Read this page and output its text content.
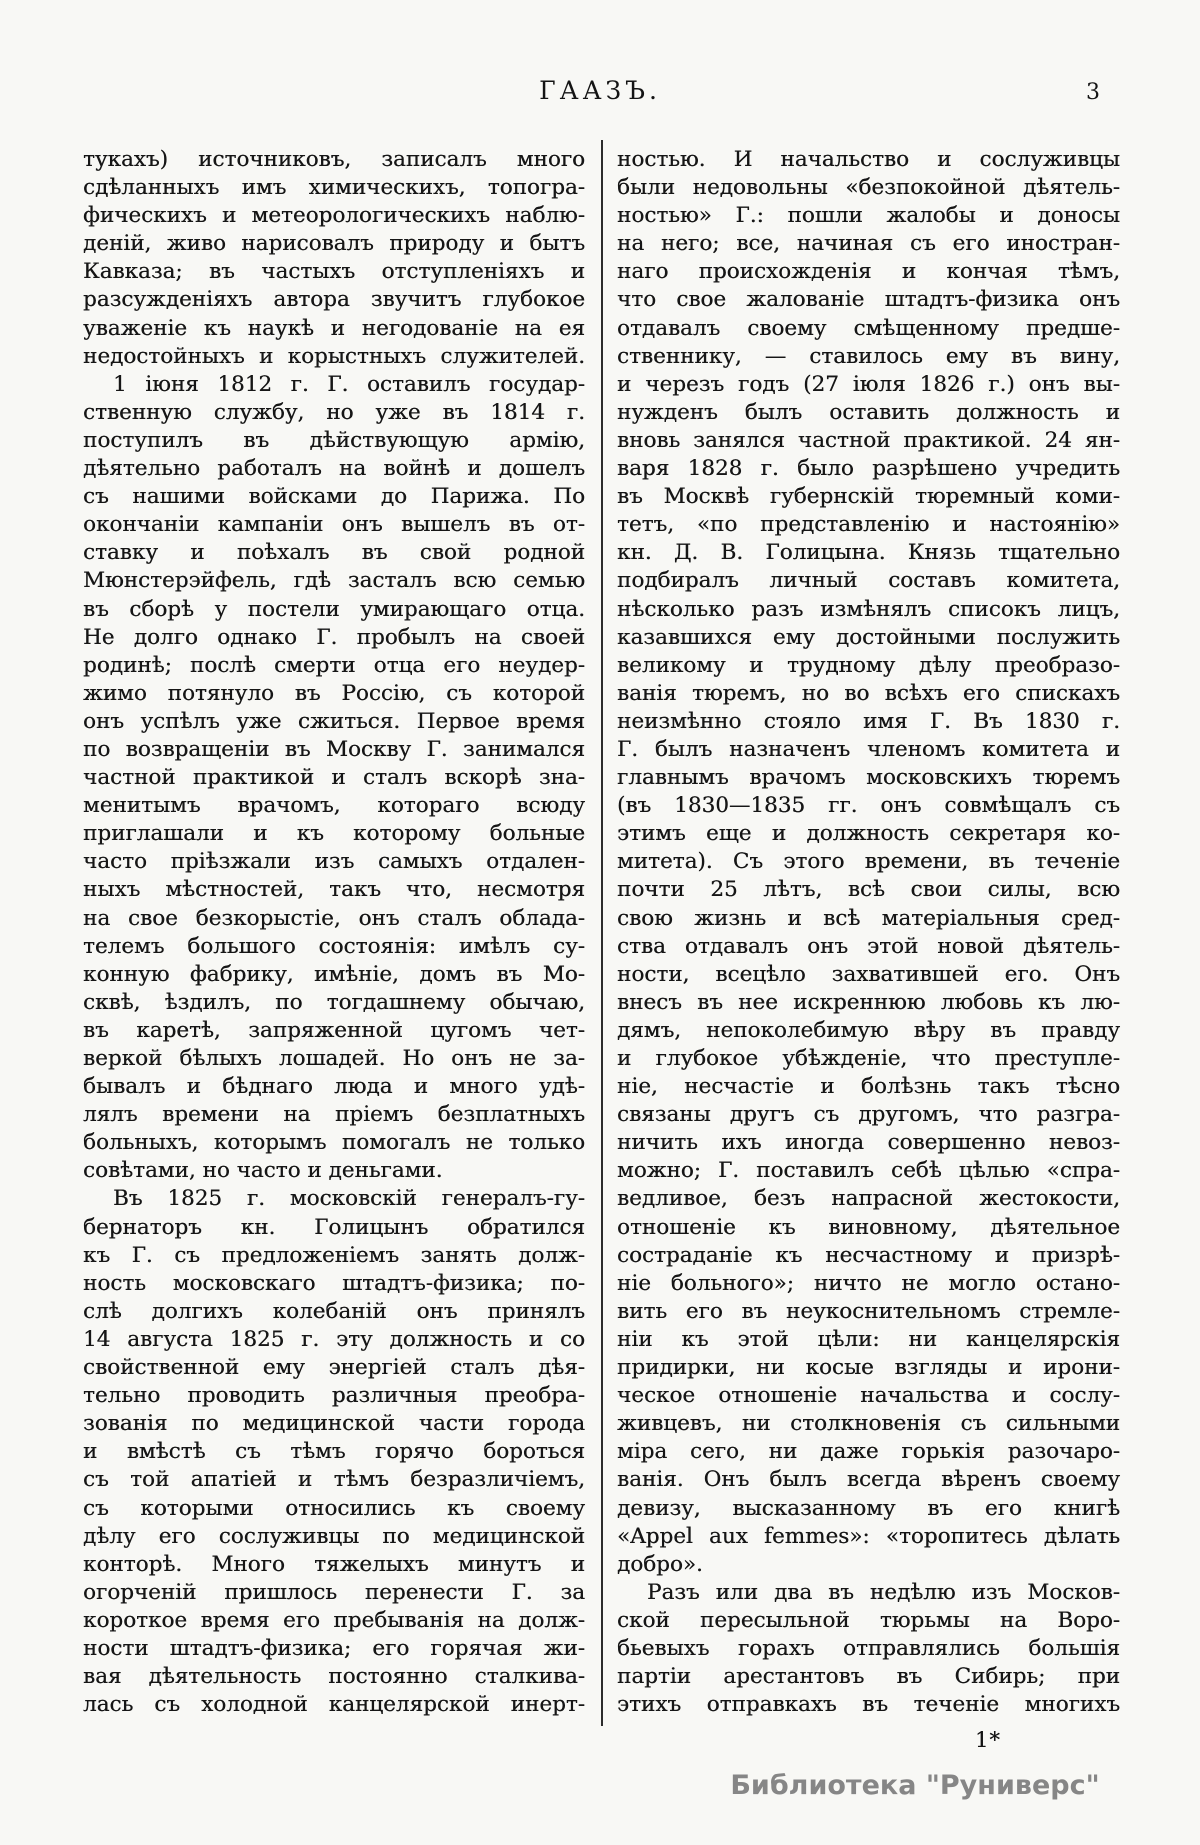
ГААЗЪ.	3
тукахъ) источниковъ, записалъ много
сдѣланныхъ имъ химическихъ, топогра-
фическихъ и метеорологическихъ наблю-
деній, живо нарисовалъ природу и бытъ
Кавказа; въ частыхъ отступленіяхъ и
разсужденіяхъ автора звучитъ глубокое
уваженіе къ наукѣ и негодованіе на ея
недостойныхъ и корыстныхъ служителей.
1 іюня 1812 г. Г. оставилъ государ-
ственную службу, но уже въ 1814 г.
поступилъ въ дѣйствующую армію,
дѣятельно работалъ на войнѣ и дошелъ
съ нашими войсками до Парижа. По
окончаніи кампаніи онъ вышелъ въ от-
ставку и поѣхалъ въ свой родной
Мюнстерэйфель, гдѣ засталъ всю семью
въ сборѣ у постели умирающаго отца.
Не долго однако Г. пробылъ на своей
родинѣ; послѣ смерти отца его неудер-
жимо потянуло въ Россію, съ которой
онъ успѣлъ уже сжиться. Первое время
по возвращеніи въ Москву Г. занимался
частной практикой и сталъ вскорѣ зна-
менитымъ врачомъ, котораго всюду
приглашали и къ которому больные
часто пріѣзжали изъ самыхъ отдален-
ныхъ мѣстностей, такъ что, несмотря
на свое безкорыстіе, онъ сталъ облада-
телемъ большого состоянія: имѣлъ су-
конную фабрику, имѣніе, домъ въ Мо-
сквѣ, ѣздилъ, по тогдашнему обычаю,
въ каретѣ, запряженной цугомъ чет-
веркой бѣлыхъ лошадей. Но онъ не за-
бывалъ и бѣднаго люда и много удѣ-
лялъ времени на пріемъ безплатныхъ
больныхъ, которымъ помогалъ не только
совѣтами, но часто и деньгами.
Въ 1825 г. московскій генералъ-гу-
бернаторъ кн. Голицынъ обратился
къ Г. съ предложеніемъ занять долж-
ность московскаго штадтъ-физика; по-
слѣ долгихъ колебаній онъ принялъ
14 августа 1825 г. эту должность и со
свойственной ему энергіей сталъ дѣя-
тельно проводить различныя преобра-
зованія по медицинской части города
и вмѣстѣ съ тѣмъ горячо бороться
съ той апатіей и тѣмъ безразличіемъ,
съ которыми относились къ своему
дѣлу его сослуживцы по медицинской
конторѣ. Много тяжелыхъ минутъ и
огорченій пришлось перенести Г. за
короткое время его пребыванія на долж-
ности штадтъ-физика; его горячая жи-
вая дѣятельность постоянно сталкива-
лась съ холодной канцелярской инерт-
ностью. И начальство и сослуживцы
были недовольны «безпокойной дѣятель-
ностью» Г.: пошли жалобы и доносы
на него; все, начиная съ его иностран-
наго происхожденія и кончая тѣмъ,
что свое жалованіе штадтъ-физика онъ
отдавалъ своему смѣщенному предше-
ственнику, — ставилось ему въ вину,
и черезъ годъ (27 іюля 1826 г.) онъ вы-
нужденъ былъ оставить должность и
вновь занялся частной практикой. 24 ян-
варя 1828 г. было разрѣшено учредить
въ Москвѣ губернскій тюремный коми-
тетъ, «по представленію и настоянію»
кн. Д. В. Голицына. Князь тщательно
подбиралъ личный составъ комитета,
нѣсколько разъ измѣнялъ списокъ лицъ,
казавшихся ему достойными послужить
великому и трудному дѣлу преобразо-
ванія тюремъ, но во всѣхъ его спискахъ
неизмѣнно стояло имя Г. Въ 1830 г.
Г. былъ назначенъ членомъ комитета и
главнымъ врачомъ московскихъ тюремъ
(въ 1830—1835 гг. онъ совмѣщалъ съ
этимъ еще и должность секретаря ко-
митета). Съ этого времени, въ теченіе
почти 25 лѣтъ, всѣ свои силы, всю
свою жизнь и всѣ матеріальныя сред-
ства отдавалъ онъ этой новой дѣятель-
ности, всецѣло захватившей его. Онъ
внесъ въ нее искреннюю любовь къ лю-
дямъ, непоколебимую вѣру въ правду
и глубокое убѣжденіе, что преступле-
ніе, несчастіе и болѣзнь такъ тѣсно
связаны другъ съ другомъ, что разгра-
ничить ихъ иногда совершенно невоз-
можно; Г. поставилъ себѣ цѣлью «спра-
ведливое, безъ напрасной жестокости,
отношеніе къ виновному, дѣятельное
состраданіе къ несчастному и призрѣ-
ніе больного»; ничто не могло остано-
вить его въ неукоснительномъ стремле-
ніи къ этой цѣли: ни канцелярскія
придирки, ни косые взгляды и ирони-
ческое отношеніе начальства и сослу-
живцевъ, ни столкновенія съ сильными
міра сего, ни даже горькія разочаро-
ванія. Онъ былъ всегда вѣренъ своему
девизу, высказанному въ его книгѣ
«Appel aux femmes»: «торопитесь дѣлать
добро».
Разъ или два въ недѣлю изъ Москов-
ской пересыльной тюрьмы на Воро-
бьевыхъ горахъ отправлялись большія
партіи арестантовъ въ Сибирь; при
этихъ отправкахъ въ теченіе многихъ
1*
Библиотека "Руниверс"
